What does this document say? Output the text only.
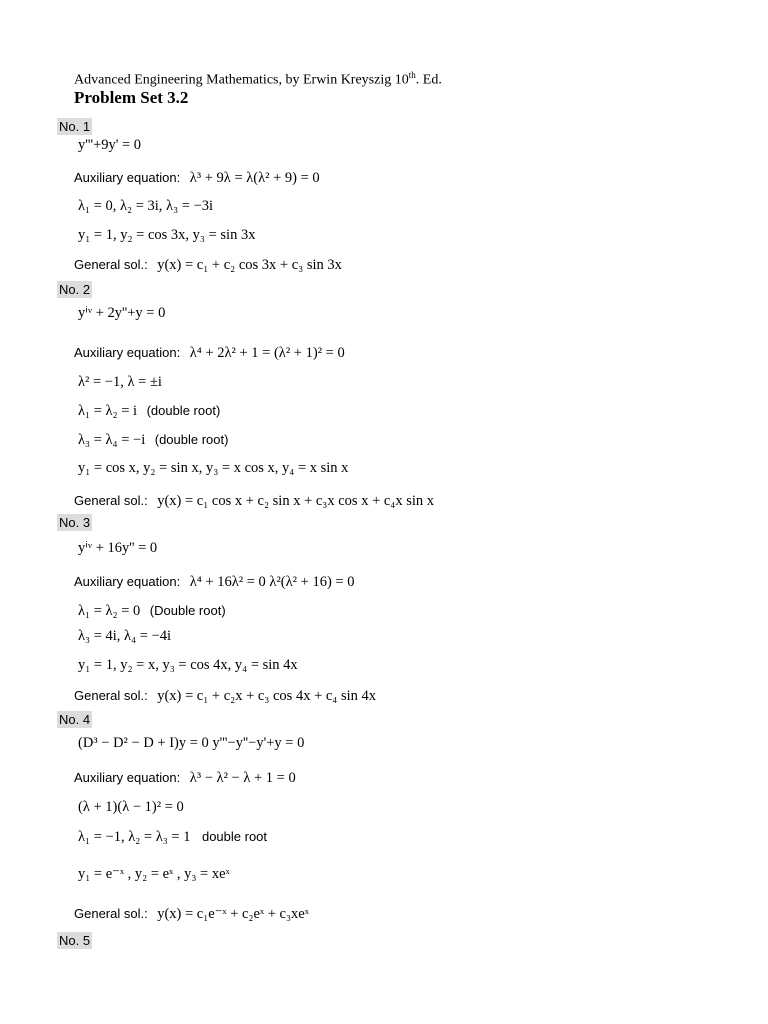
Advanced Engineering Mathematics, by Erwin Kreyszig 10th. Ed.
Problem Set 3.2
No. 1
y'''+9y' = 0
Auxiliary equation: λ³ + 9λ = λ(λ² + 9) = 0
λ₁ = 0, λ₂ = 3i, λ₃ = −3i
y₁ = 1, y₂ = cos 3x, y₃ = sin 3x
General sol.: y(x) = c₁ + c₂ cos 3x + c₃ sin 3x
No. 2
yⁱᵛ + 2y''+y = 0
Auxiliary equation: λ⁴ + 2λ² + 1 = (λ² + 1)² = 0
λ² = −1, λ = ±i
λ₁ = λ₂ = i (double root)
λ₃ = λ₄ = −i (double root)
y₁ = cos x, y₂ = sin x, y₃ = x cos x, y₄ = x sin x
General sol.: y(x) = c₁ cos x + c₂ sin x + c₃x cos x + c₄x sin x
No. 3
yⁱᵛ + 16y'' = 0
Auxiliary equation: λ⁴ + 16λ² = 0 λ²(λ² + 16) = 0
λ₁ = λ₂ = 0 (Double root)
λ₃ = 4i, λ₄ = −4i
y₁ = 1, y₂ = x, y₃ = cos 4x, y₄ = sin 4x
General sol.: y(x) = c₁ + c₂x + c₃ cos 4x + c₄ sin 4x
No. 4
(D³ − D² − D + I)y = 0 y'''−y''−y'+y = 0
Auxiliary equation: λ³ − λ² − λ + 1 = 0
(λ + 1)(λ − 1)² = 0
λ₁ = −1, λ₂ = λ₃ = 1 double root
y₁ = e⁻ˣ , y₂ = eˣ , y₃ = xeˣ
General sol.: y(x) = c₁e⁻ˣ + c₂eˣ + c₃xeˣ
No. 5
